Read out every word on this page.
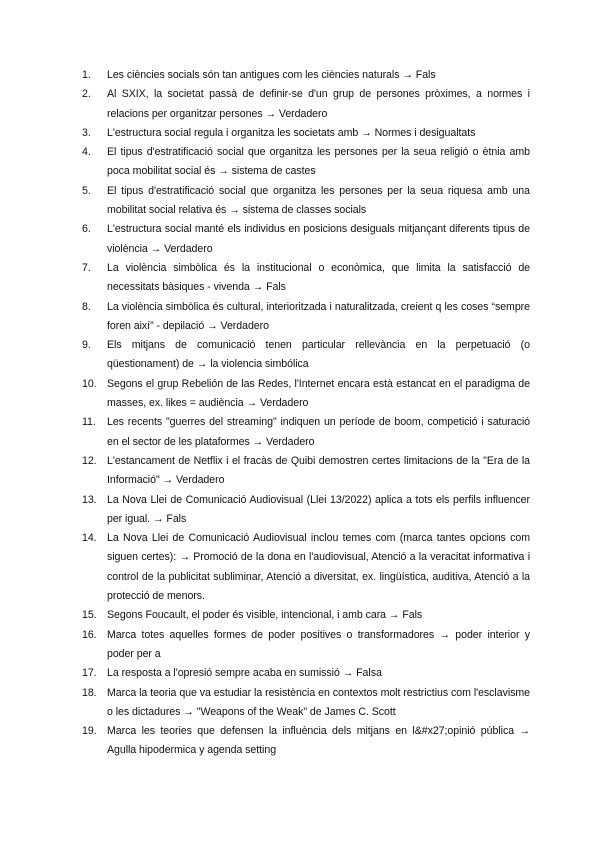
1.	Les ciències socials són tan antigues com les ciències naturals → Fals
2.	Al SXIX, la societat passà de definir-se d'un grup de persones pròximes, a normes i relacions per organitzar persones → Verdadero
3.	L'estructura social regula i organitza les societats amb → Normes i desigualtats
4.	El tipus d'estratificació social que organitza les persones per la seua religió o ètnia amb poca mobilitat social és → sistema de castes
5.	El tipus d'estratificació social que organitza les persones per la seua riquesa amb una mobilitat social relativa és → sistema de classes socials
6.	L'estructura social manté els individus en posicions desiguals mitjançant diferents tipus de violència → Verdadero
7.	La violència simbòlica és la institucional o econòmica, que limita la satisfacció de necessitats bàsiques - vivenda → Fals
8.	La violència simbòlica és cultural, interioritzada i naturalitzada, creient q les coses “sempre foren així” - depilació → Verdadero
9.	Els mitjans de comunicació tenen particular rellevància en la perpetuació (o qüestionament) de → la violencia simbólica
10. Segons el grup Rebelión de las Redes, l'Internet encara està estancat en el paradigma de masses, ex. likes = audiència → Verdadero
11.	Les recents "guerres del streaming" indiquen un període de boom, competició i saturació en el sector de les plataformes → Verdadero
12. L'estancament de Netflix i el fracàs de Quibi demostren certes limitacions de la "Era de la Informació" → Verdadero
13. La Nova Llei de Comunicació Audiovisual (Llei 13/2022) aplica a tots els perfils influencer per igual. → Fals
14. La Nova Llei de Comunicació Audiovisual inclou temes com (marca tantes opcions com siguen certes): → Promoció de la dona en l'audiovisual, Atenció a la veracitat informativa i control de la publicitat subliminar, Atenció a diversitat, ex. lingüística, auditiva, Atenció a la protecció de menors.
15. Segons Foucault, el poder és visible, intencional, i amb cara → Fals
16. Marca totes aquelles formes de poder positives o transformadores → poder interior y poder per a
17. La resposta a l'opresió sempre acaba en sumissió → Falsa
18. Marca la teoria que va estudiar la resistència en contextos molt restrictius com l'esclavisme o les dictadures → "Weapons of the Weak" de James C. Scott
19. Marca les teories que defensen la influència dels mitjans en l&#x27;opinió pública → Agulla hipodermica y agenda setting
